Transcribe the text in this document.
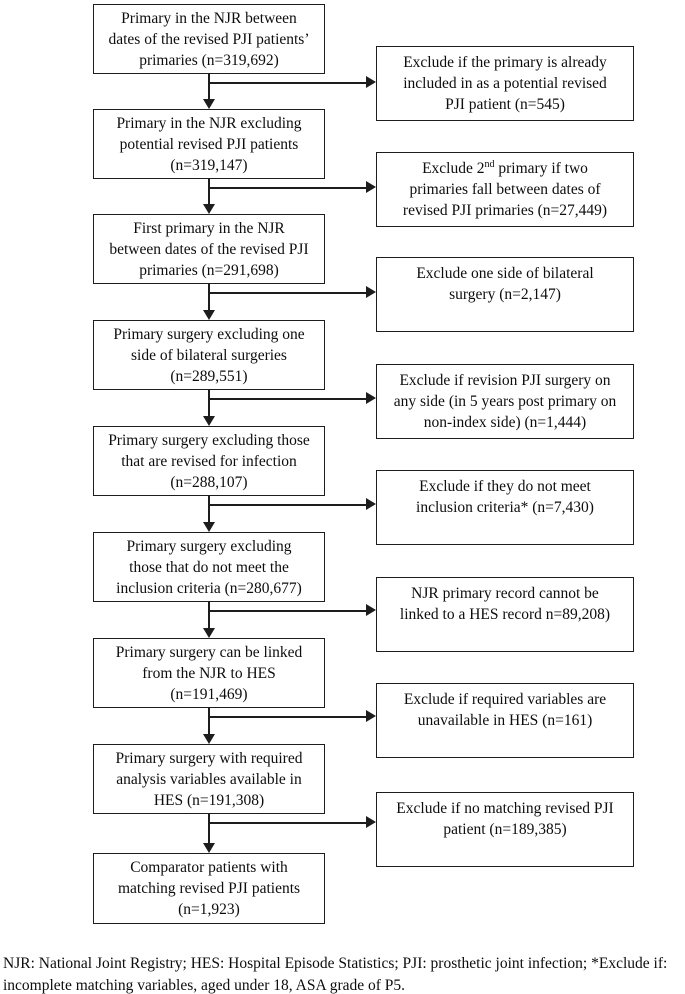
Primary in the NJR between
dates of the revised PJI patients’
primaries (n=319,692)
Primary in the NJR excluding
potential revised PJI patients
(n=319,147)
First primary in the NJR
between dates of the revised PJI
primaries (n=291,698)
Primary surgery excluding one
side of bilateral surgeries
(n=289,551)
Primary surgery excluding those
that are revised for infection
(n=288,107)
Primary surgery excluding
those that do not meet the
inclusion criteria (n=280,677)
Primary surgery can be linked
from the NJR to HES
(n=191,469)
Primary surgery with required
analysis variables available in
HES (n=191,308)
Comparator patients with
matching revised PJI patients
(n=1,923)
Exclude if the primary is already
included in as a potential revised
PJI patient (n=545)
Exclude 2nd primary if two
primaries fall between dates of
revised PJI primaries (n=27,449)
Exclude one side of bilateral
surgery (n=2,147)
Exclude if revision PJI surgery on
any side (in 5 years post primary on
non-index side) (n=1,444)
Exclude if they do not meet
inclusion criteria* (n=7,430)
NJR primary record cannot be
linked to a HES record n=89,208)
Exclude if required variables are
unavailable in HES (n=161)
Exclude if no matching revised PJI
patient (n=189,385)
NJR: National Joint Registry; HES: Hospital Episode Statistics; PJI: prosthetic joint infection; *Exclude if:
incomplete matching variables, aged under 18, ASA grade of P5.
